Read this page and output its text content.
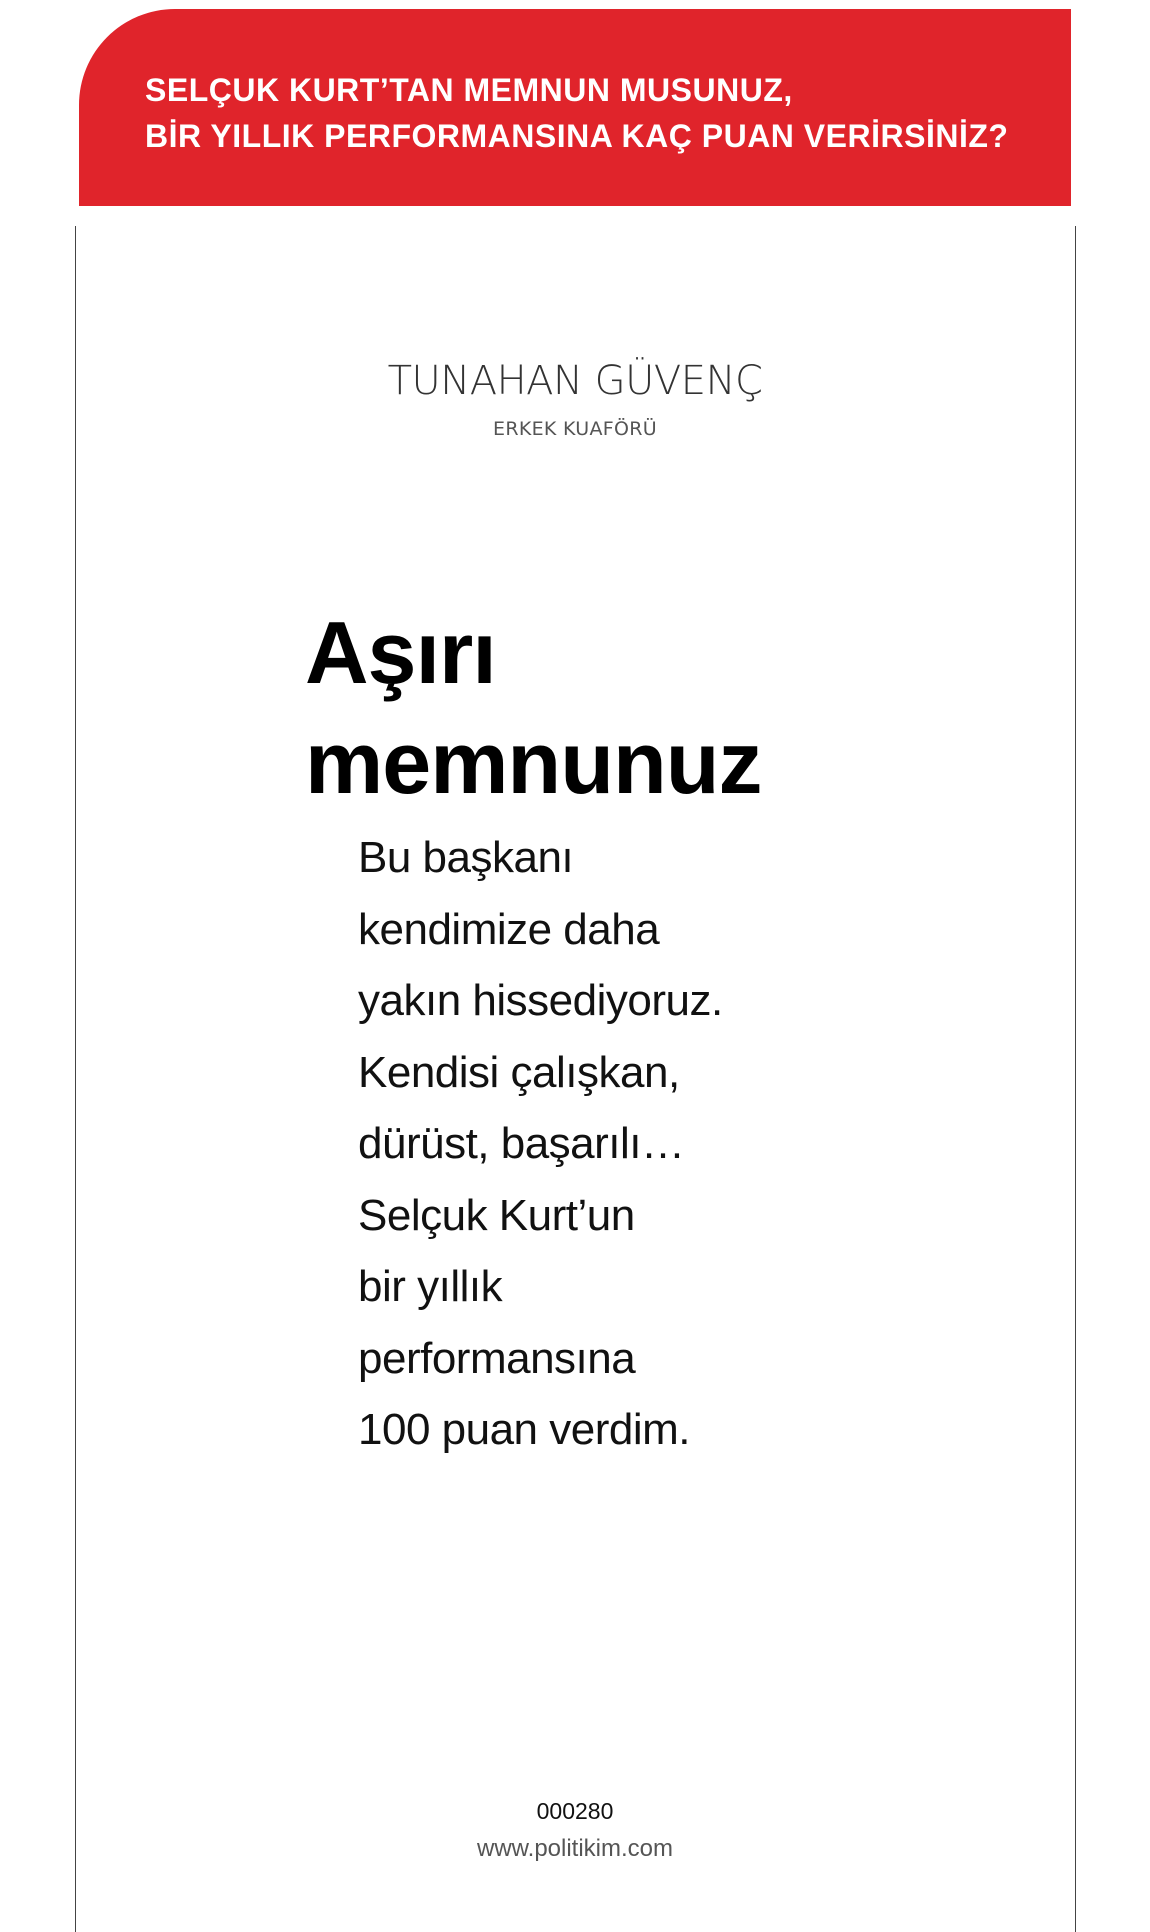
SELÇUK KURT’TAN MEMNUN MUSUNUZ,
BİR YILLIK PERFORMANSINA KAÇ PUAN VERİRSİNİZ?
TUNAHAN GÜVENÇ
ERKEK KUAFÖRÜ
Aşırı
memnunuz
Bu başkanı
kendimize daha
yakın hissediyoruz.
Kendisi çalışkan,
dürüst, başarılı…
Selçuk Kurt’un
bir yıllık
performansına
100 puan verdim.
000280
www.politikim.com
